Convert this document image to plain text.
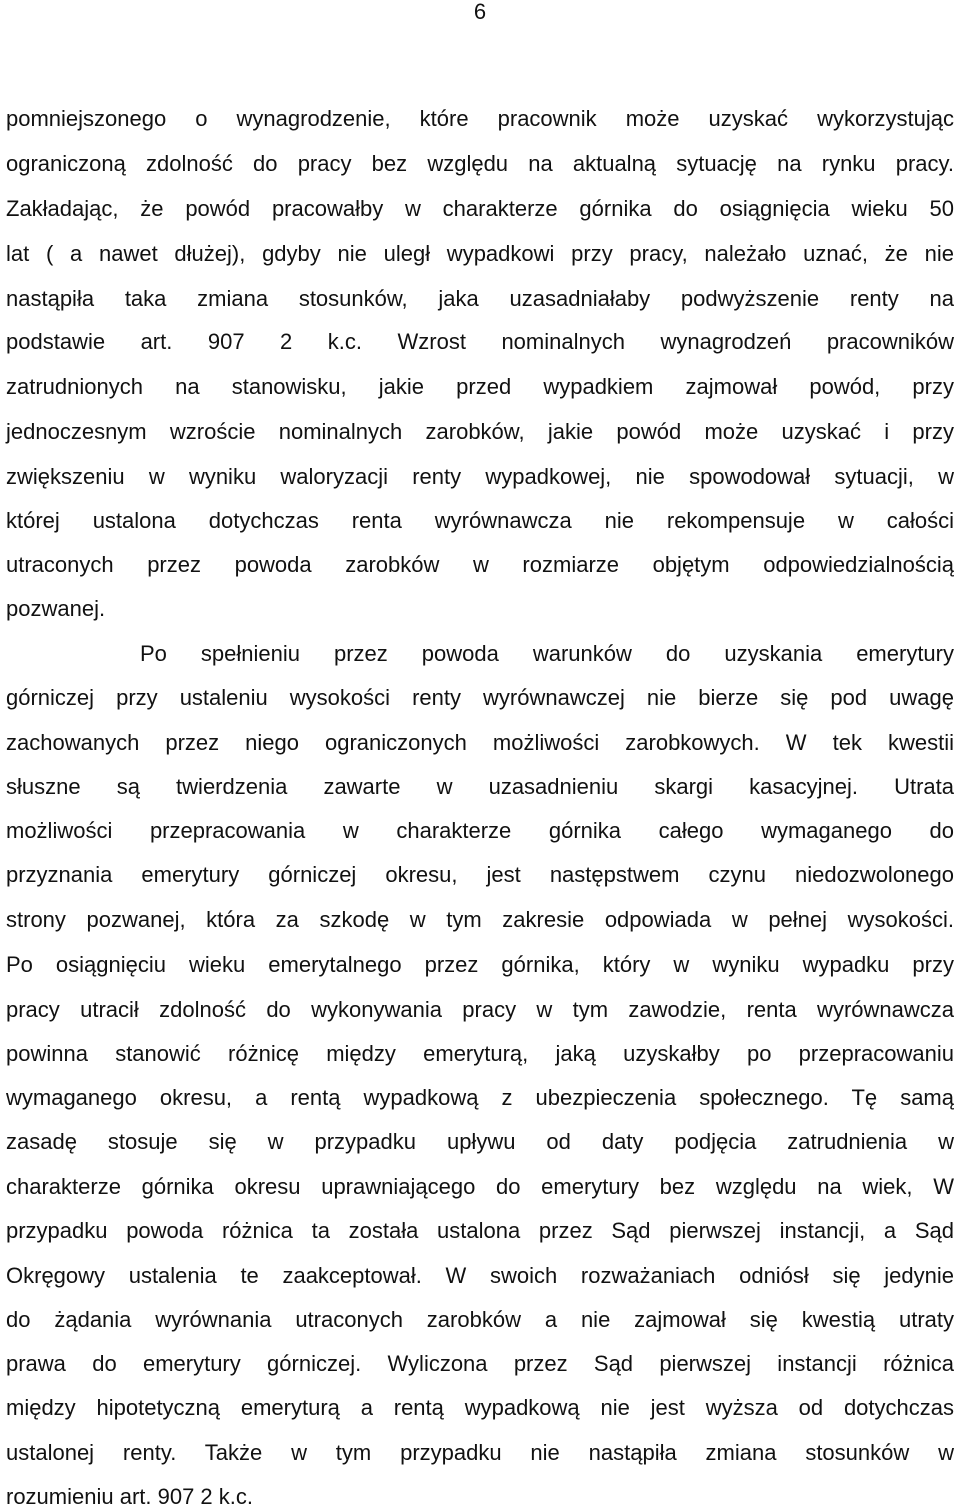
6
pomniejszonego o wynagrodzenie, które pracownik może uzyskać wykorzystując
ograniczoną zdolność do pracy bez względu na aktualną sytuację na rynku pracy.
Zakładając, że powód pracowałby w charakterze górnika do osiągnięcia wieku 50
lat ( a nawet dłużej), gdyby nie uległ wypadkowi przy pracy, należało uznać, że nie
nastąpiła taka zmiana stosunków, jaka uzasadniałaby podwyższenie renty na
podstawie art. 907 2 k.c. Wzrost nominalnych wynagrodzeń pracowników
zatrudnionych na stanowisku, jakie przed wypadkiem zajmował powód, przy
jednoczesnym wzroście nominalnych zarobków, jakie powód może uzyskać i przy
zwiększeniu w wyniku waloryzacji renty wypadkowej, nie spowodował sytuacji, w
której ustalona dotychczas renta wyrównawcza nie rekompensuje w całości
utraconych przez powoda zarobków w rozmiarze objętym odpowiedzialnością
pozwanej.
Po spełnieniu przez powoda warunków do uzyskania emerytury
górniczej przy ustaleniu wysokości renty wyrównawczej nie bierze się pod uwagę
zachowanych przez niego ograniczonych możliwości zarobkowych. W tek kwestii
słuszne są twierdzenia zawarte w uzasadnieniu skargi kasacyjnej. Utrata
możliwości przepracowania w charakterze górnika całego wymaganego do
przyznania emerytury górniczej okresu, jest następstwem czynu niedozwolonego
strony pozwanej, która za szkodę w tym zakresie odpowiada w pełnej wysokości.
Po osiągnięciu wieku emerytalnego przez górnika, który w wyniku wypadku przy
pracy utracił zdolność do wykonywania pracy w tym zawodzie, renta wyrównawcza
powinna stanowić różnicę między emeryturą, jaką uzyskałby po przepracowaniu
wymaganego okresu, a rentą wypadkową z ubezpieczenia społecznego. Tę samą
zasadę stosuje się w przypadku upływu od daty podjęcia zatrudnienia w
charakterze górnika okresu uprawniającego do emerytury bez względu na wiek, W
przypadku powoda różnica ta została ustalona przez Sąd pierwszej instancji, a Sąd
Okręgowy ustalenia te zaakceptował. W swoich rozważaniach odniósł się jedynie
do żądania wyrównania utraconych zarobków a nie zajmował się kwestią utraty
prawa do emerytury górniczej. Wyliczona przez Sąd pierwszej instancji różnica
między hipotetyczną emeryturą a rentą wypadkową nie jest wyższa od dotychczas
ustalonej renty. Także w tym przypadku nie nastąpiła zmiana stosunków w
rozumieniu art. 907 2 k.c.
